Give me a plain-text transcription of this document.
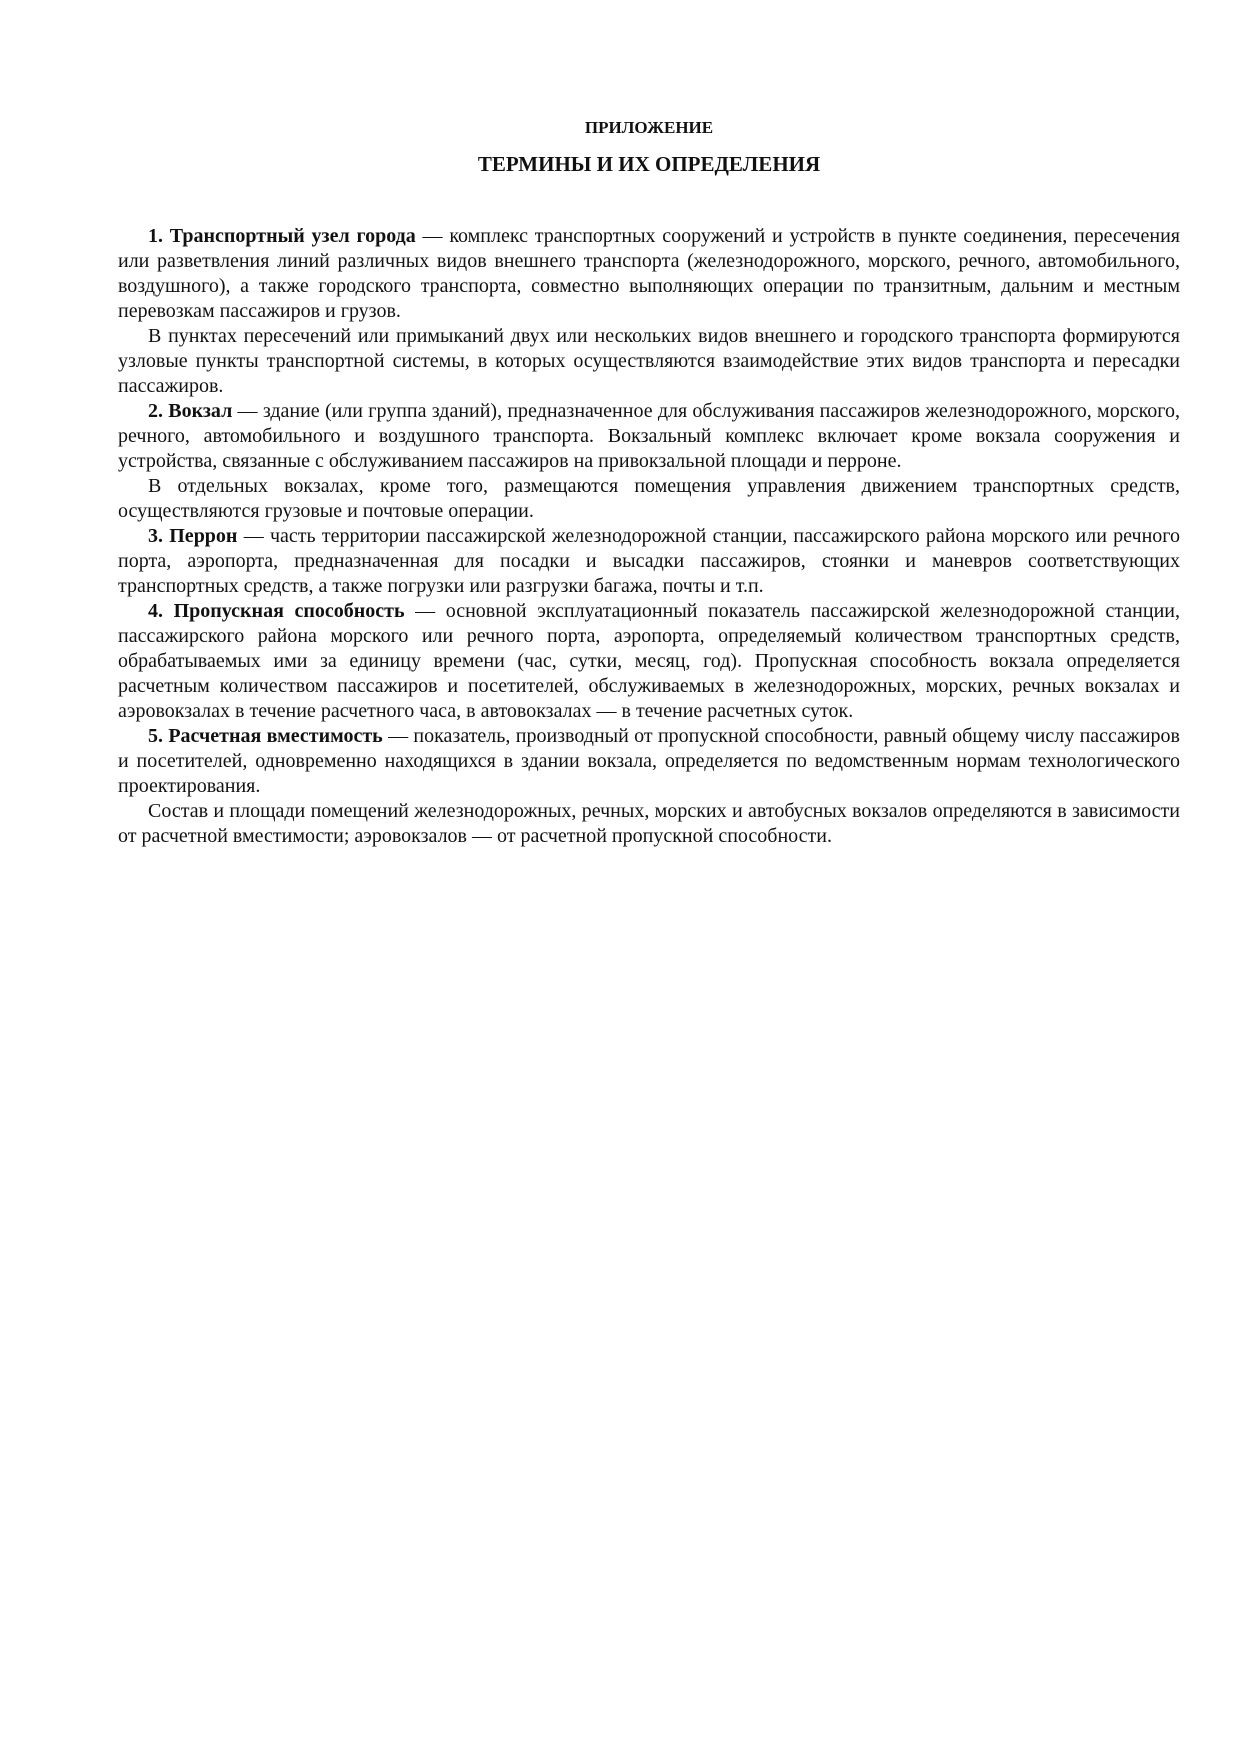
ПРИЛОЖЕНИЕ

ТЕРМИНЫ И ИХ ОПРЕДЕЛЕНИЯ

1. Транспортный узел города — комплекс транспортных сооружений и устройств в пункте соединения, пересечения или разветвления линий различных видов внешнего транспорта (железнодорожного, морского, речного, автомобильного, воздушного), а также городского транспорта, совместно выполняющих операции по транзитным, дальним и местным перевозкам пассажиров и грузов.

В пунктах пересечений или примыканий двух или нескольких видов внешнего и городского транспорта формируются узловые пункты транспортной системы, в которых осуществляются взаимодействие этих видов транспорта и пересадки пассажиров.

2. Вокзал — здание (или группа зданий), предназначенное для обслуживания пассажиров железнодорожного, морского, речного, автомобильного и воздушного транспорта. Вокзальный комплекс включает кроме вокзала сооружения и устройства, связанные с обслуживанием пассажиров на привокзальной площади и перроне.

В отдельных вокзалах, кроме того, размещаются помещения управления движением транспортных средств, осуществляются грузовые и почтовые операции.

3. Перрон — часть территории пассажирской железнодорожной станции, пассажирского района морского или речного порта, аэропорта, предназначенная для посадки и высадки пассажиров, стоянки и маневров соответствующих транспортных средств, а также погрузки или разгрузки багажа, почты и т.п.

4. Пропускная способность — основной эксплуатационный показатель пассажирской железнодорожной станции, пассажирского района морского или речного порта, аэропорта, определяемый количеством транспортных средств, обрабатываемых ими за единицу времени (час, сутки, месяц, год). Пропускная способность вокзала определяется расчетным количеством пассажиров и посетителей, обслуживаемых в железнодорожных, морских, речных вокзалах и аэровокзалах в течение расчетного часа, в автовокзалах — в течение расчетных суток.

5. Расчетная вместимость — показатель, производный от пропускной способности, равный общему числу пассажиров и посетителей, одновременно находящихся в здании вокзала, определяется по ведомственным нормам технологического проектирования.

Состав и площади помещений железнодорожных, речных, морских и автобусных вокзалов определяются в зависимости от расчетной вместимости; аэровокзалов — от расчетной пропускной способности.
